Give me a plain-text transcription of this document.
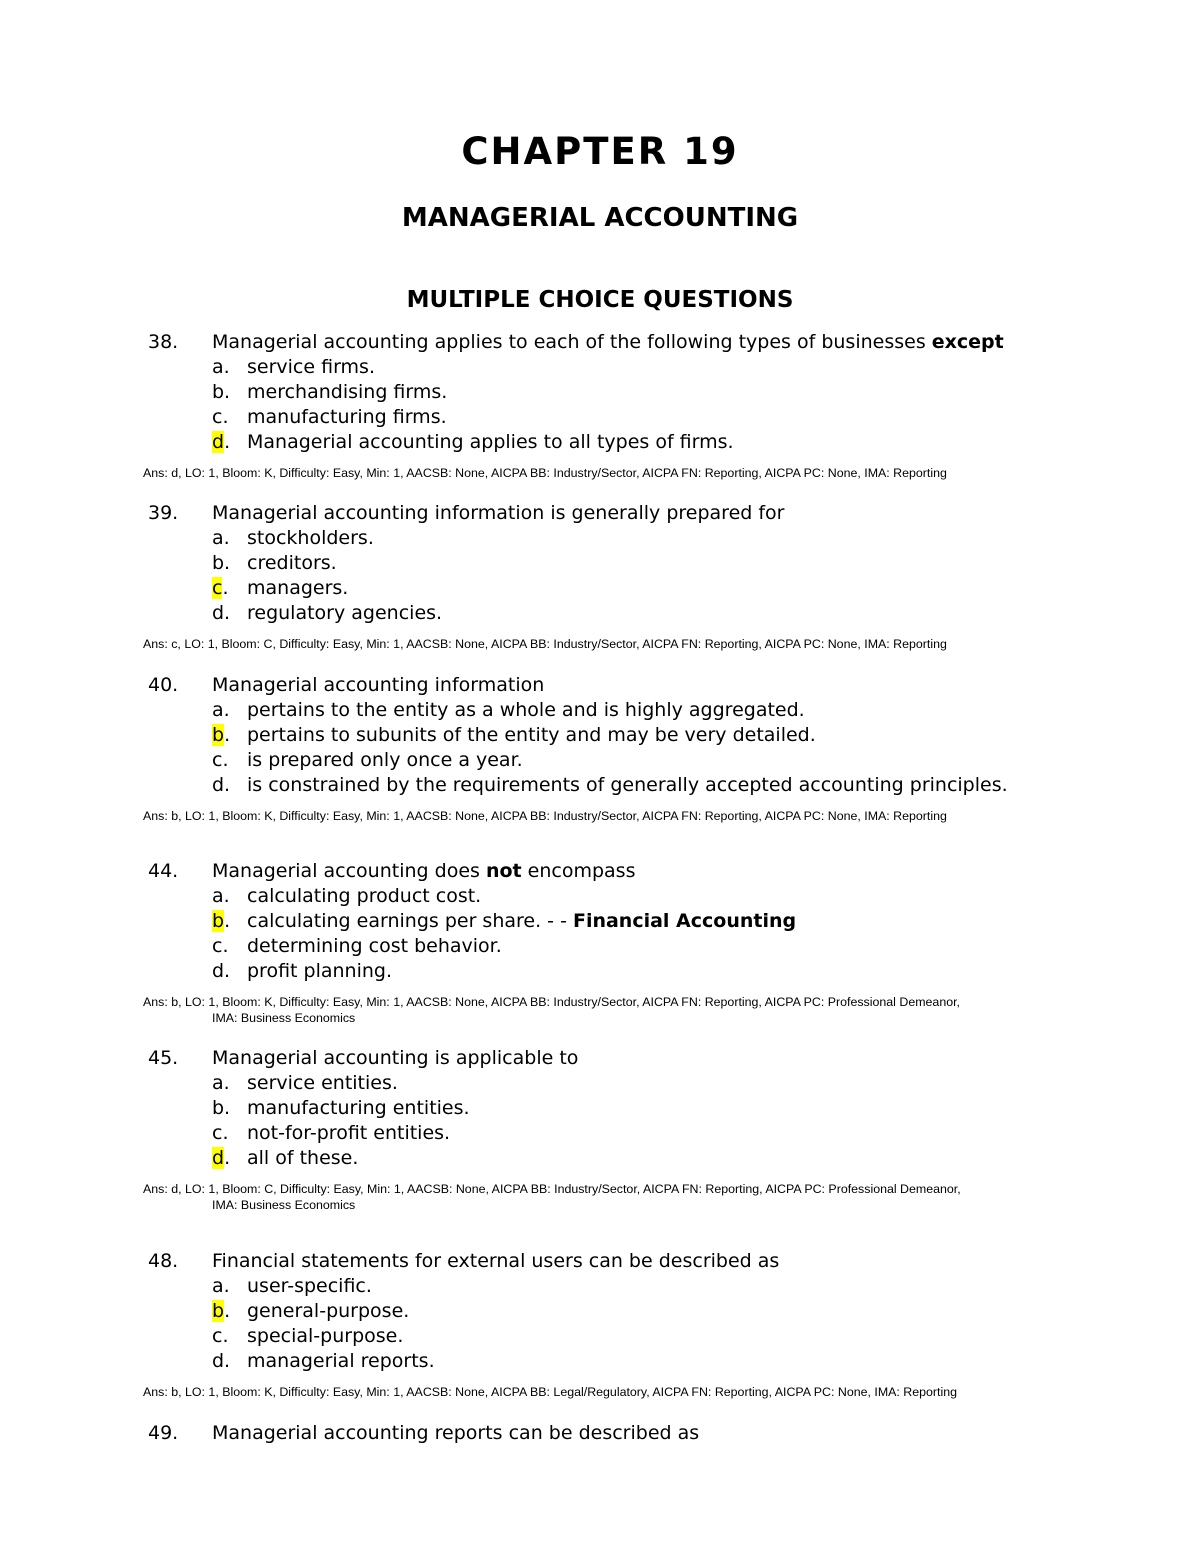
CHAPTER 19
MANAGERIAL ACCOUNTING
MULTIPLE CHOICE QUESTIONS
38. Managerial accounting applies to each of the following types of businesses except
a. service firms.
b. merchandising firms.
c. manufacturing firms.
d. Managerial accounting applies to all types of firms.
Ans: d, LO: 1, Bloom: K, Difficulty: Easy, Min: 1, AACSB: None, AICPA BB: Industry/Sector, AICPA FN: Reporting, AICPA PC: None, IMA: Reporting
39. Managerial accounting information is generally prepared for
a. stockholders.
b. creditors.
c. managers.
d. regulatory agencies.
Ans: c, LO: 1, Bloom: C, Difficulty: Easy, Min: 1, AACSB: None, AICPA BB: Industry/Sector, AICPA FN: Reporting, AICPA PC: None, IMA: Reporting
40. Managerial accounting information
a. pertains to the entity as a whole and is highly aggregated.
b. pertains to subunits of the entity and may be very detailed.
c. is prepared only once a year.
d. is constrained by the requirements of generally accepted accounting principles.
Ans: b, LO: 1, Bloom: K, Difficulty: Easy, Min: 1, AACSB: None, AICPA BB: Industry/Sector, AICPA FN: Reporting, AICPA PC: None, IMA: Reporting
44. Managerial accounting does not encompass
a. calculating product cost.
b. calculating earnings per share. - - Financial Accounting
c. determining cost behavior.
d. profit planning.
Ans: b, LO: 1, Bloom: K, Difficulty: Easy, Min: 1, AACSB: None, AICPA BB: Industry/Sector, AICPA FN: Reporting, AICPA PC: Professional Demeanor,
IMA: Business Economics
45. Managerial accounting is applicable to
a. service entities.
b. manufacturing entities.
c. not-for-profit entities.
d. all of these.
Ans: d, LO: 1, Bloom: C, Difficulty: Easy, Min: 1, AACSB: None, AICPA BB: Industry/Sector, AICPA FN: Reporting, AICPA PC: Professional Demeanor,
IMA: Business Economics
48. Financial statements for external users can be described as
a. user-specific.
b. general-purpose.
c. special-purpose.
d. managerial reports.
Ans: b, LO: 1, Bloom: K, Difficulty: Easy, Min: 1, AACSB: None, AICPA BB: Legal/Regulatory, AICPA FN: Reporting, AICPA PC: None, IMA: Reporting
49. Managerial accounting reports can be described as
